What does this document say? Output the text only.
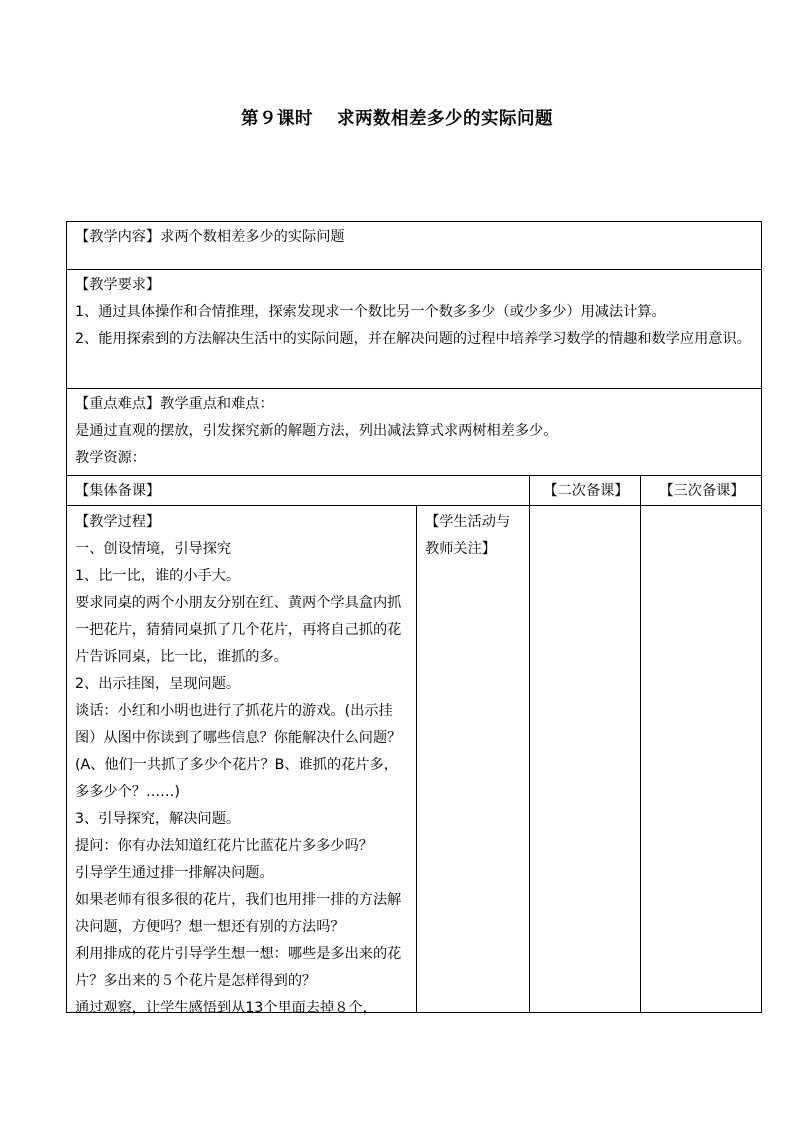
第９课时 求两数相差多少的实际问题

【教学内容】求两个数相差多少的实际问题

【教学要求】

1、通过具体操作和合情推理，探索发现求一个数比另一个数多多少（或少多少）用减法计算。

2、能用探索到的方法解决生活中的实际问题，并在解决问题的过程中培养学习数学的情趣和数学应用意识。

【重点难点】教学重点和难点：

是通过直观的摆放，引发探究新的解题方法，列出减法算式求两树相差多少。

教学资源：

【集体备课】	【二次备课】	【三次备课】

【教学过程】

一、创设情境，引导探究

1、比一比，谁的小手大。

要求同桌的两个小朋友分别在红、黄两个学具盒内抓一把花片，猜猜同桌抓了几个花片，再将自己抓的花片告诉同桌，比一比，谁抓的多。

2、出示挂图，呈现问题。

谈话：小红和小明也进行了抓花片的游戏。(出示挂图）从图中你读到了哪些信息？你能解决什么问题？(A、他们一共抓了多少个花片？B、谁抓的花片多，多多少个？……)

3、引导探究，解决问题。

提问：你有办法知道红花片比蓝花片多多少吗？

引导学生通过排一排解决问题。

如果老师有很多很的花片，我们也用排一排的方法解决问题，方便吗？想一想还有别的方法吗？

利用排成的花片引导学生想一想：哪些是多出来的花片？多出来的５个花片是怎样得到的？

通过观察，让学生感悟到从13个里面去掉８个，

【学生活动与教师关注】
